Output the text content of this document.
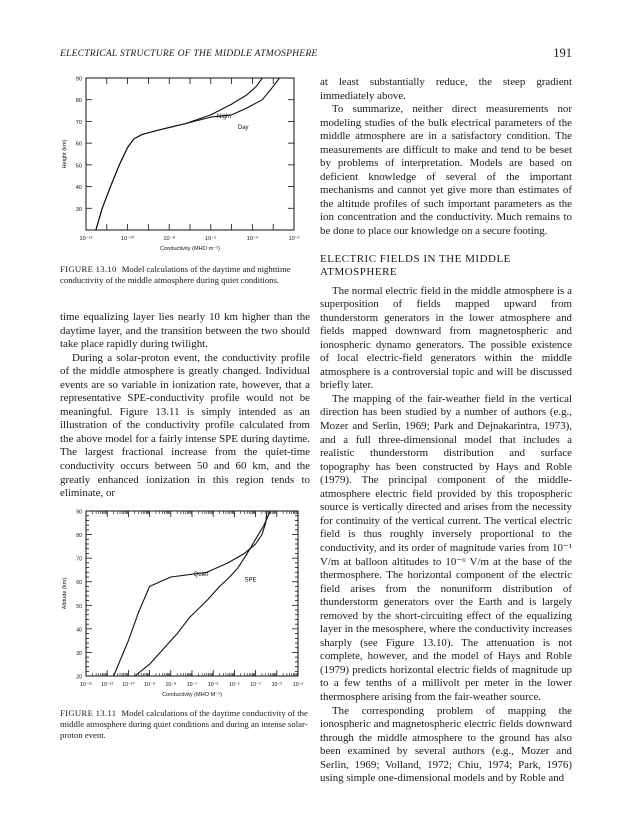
ELECTRICAL STRUCTURE OF THE MIDDLE ATMOSPHERE	191
30
40
50
60
70
80
90
10⁻¹²	10⁻¹⁰	10⁻⁸	10⁻⁶	10⁻⁴	10⁻²
Conductivity (MHO m⁻¹)
Height (km)
Night
Day
FIGURE 13.10 Model calculations of the daytime and nighttime conductivity of the middle atmosphere during quiet conditions.

time equalizing layer lies nearly 10 km higher than the daytime layer, and the transition between the two should take place rapidly during twilight.

During a solar-proton event, the conductivity profile of the middle atmosphere is greatly changed. Individual events are so variable in ionization rate, however, that a representative SPE-conductivity profile would not be meaningful. Figure 13.11 is simply intended as an illustration of the conductivity profile calculated from the above model for a fairly intense SPE during daytime. The largest fractional increase from the quiet-time conductivity occurs between 50 and 60 km, and the greatly enhanced ionization in this region tends to eliminate, or

20
30
40
50
60
70
80
90
10⁻¹² 10⁻¹¹ 10⁻¹⁰ 10⁻⁹ 10⁻⁸ 10⁻⁷ 10⁻⁶ 10⁻⁵ 10⁻⁴ 10⁻³ 10⁻²
Conductivity (MHO M⁻¹)
Altitude (km)
Quiet
SPE
FIGURE 13.11 Model calculations of the daytime conductivity of the middle atmosphere during quiet conditions and during an intense solar-proton event.

at least substantially reduce, the steep gradient immediately above.

To summarize, neither direct measurements nor modeling studies of the bulk electrical parameters of the middle atmosphere are in a satisfactory condition. The measurements are difficult to make and tend to be beset by problems of interpretation. Models are based on deficient knowledge of several of the important mechanisms and cannot yet give more than estimates of the altitude profiles of such important parameters as the ion concentration and the conductivity. Much remains to be done to place our knowledge on a secure footing.

ELECTRIC FIELDS IN THE MIDDLE ATMOSPHERE

The normal electric field in the middle atmosphere is a superposition of fields mapped upward from thunderstorm generators in the lower atmosphere and fields mapped downward from magnetospheric and ionospheric dynamo generators. The possible existence of local electric-field generators within the middle atmosphere is a controversial topic and will be discussed briefly later.

The mapping of the fair-weather field in the vertical direction has been studied by a number of authors (e.g., Mozer and Serlin, 1969; Park and Dejnakarintra, 1973), and a full three-dimensional model that includes a realistic thunderstorm distribution and surface topography has been constructed by Hays and Roble (1979). The principal component of the middle-atmosphere electric field provided by this tropospheric source is vertically directed and arises from the necessity for continuity of the vertical current. The vertical electric field is thus roughly inversely proportional to the conductivity, and its order of magnitude varies from 10⁻¹ V/m at balloon altitudes to 10⁻⁶ V/m at the base of the thermosphere. The horizontal component of the electric field arises from the nonuniform distribution of thunderstorm generators over the Earth and is largely removed by the short-circuiting effect of the equalizing layer in the mesosphere, where the conductivity increases sharply (see Figure 13.10). The attenuation is not complete, however, and the model of Hays and Roble (1979) predicts horizontal electric fields of magnitude up to a few tenths of a millivolt per meter in the lower thermosphere arising from the fair-weather source.

The corresponding problem of mapping the ionospheric and magnetospheric electric fields downward through the middle atmosphere to the ground has also been examined by several authors (e.g., Mozer and Serlin, 1969; Volland, 1972; Chiu, 1974; Park, 1976) using simple one-dimensional models and by Roble and
